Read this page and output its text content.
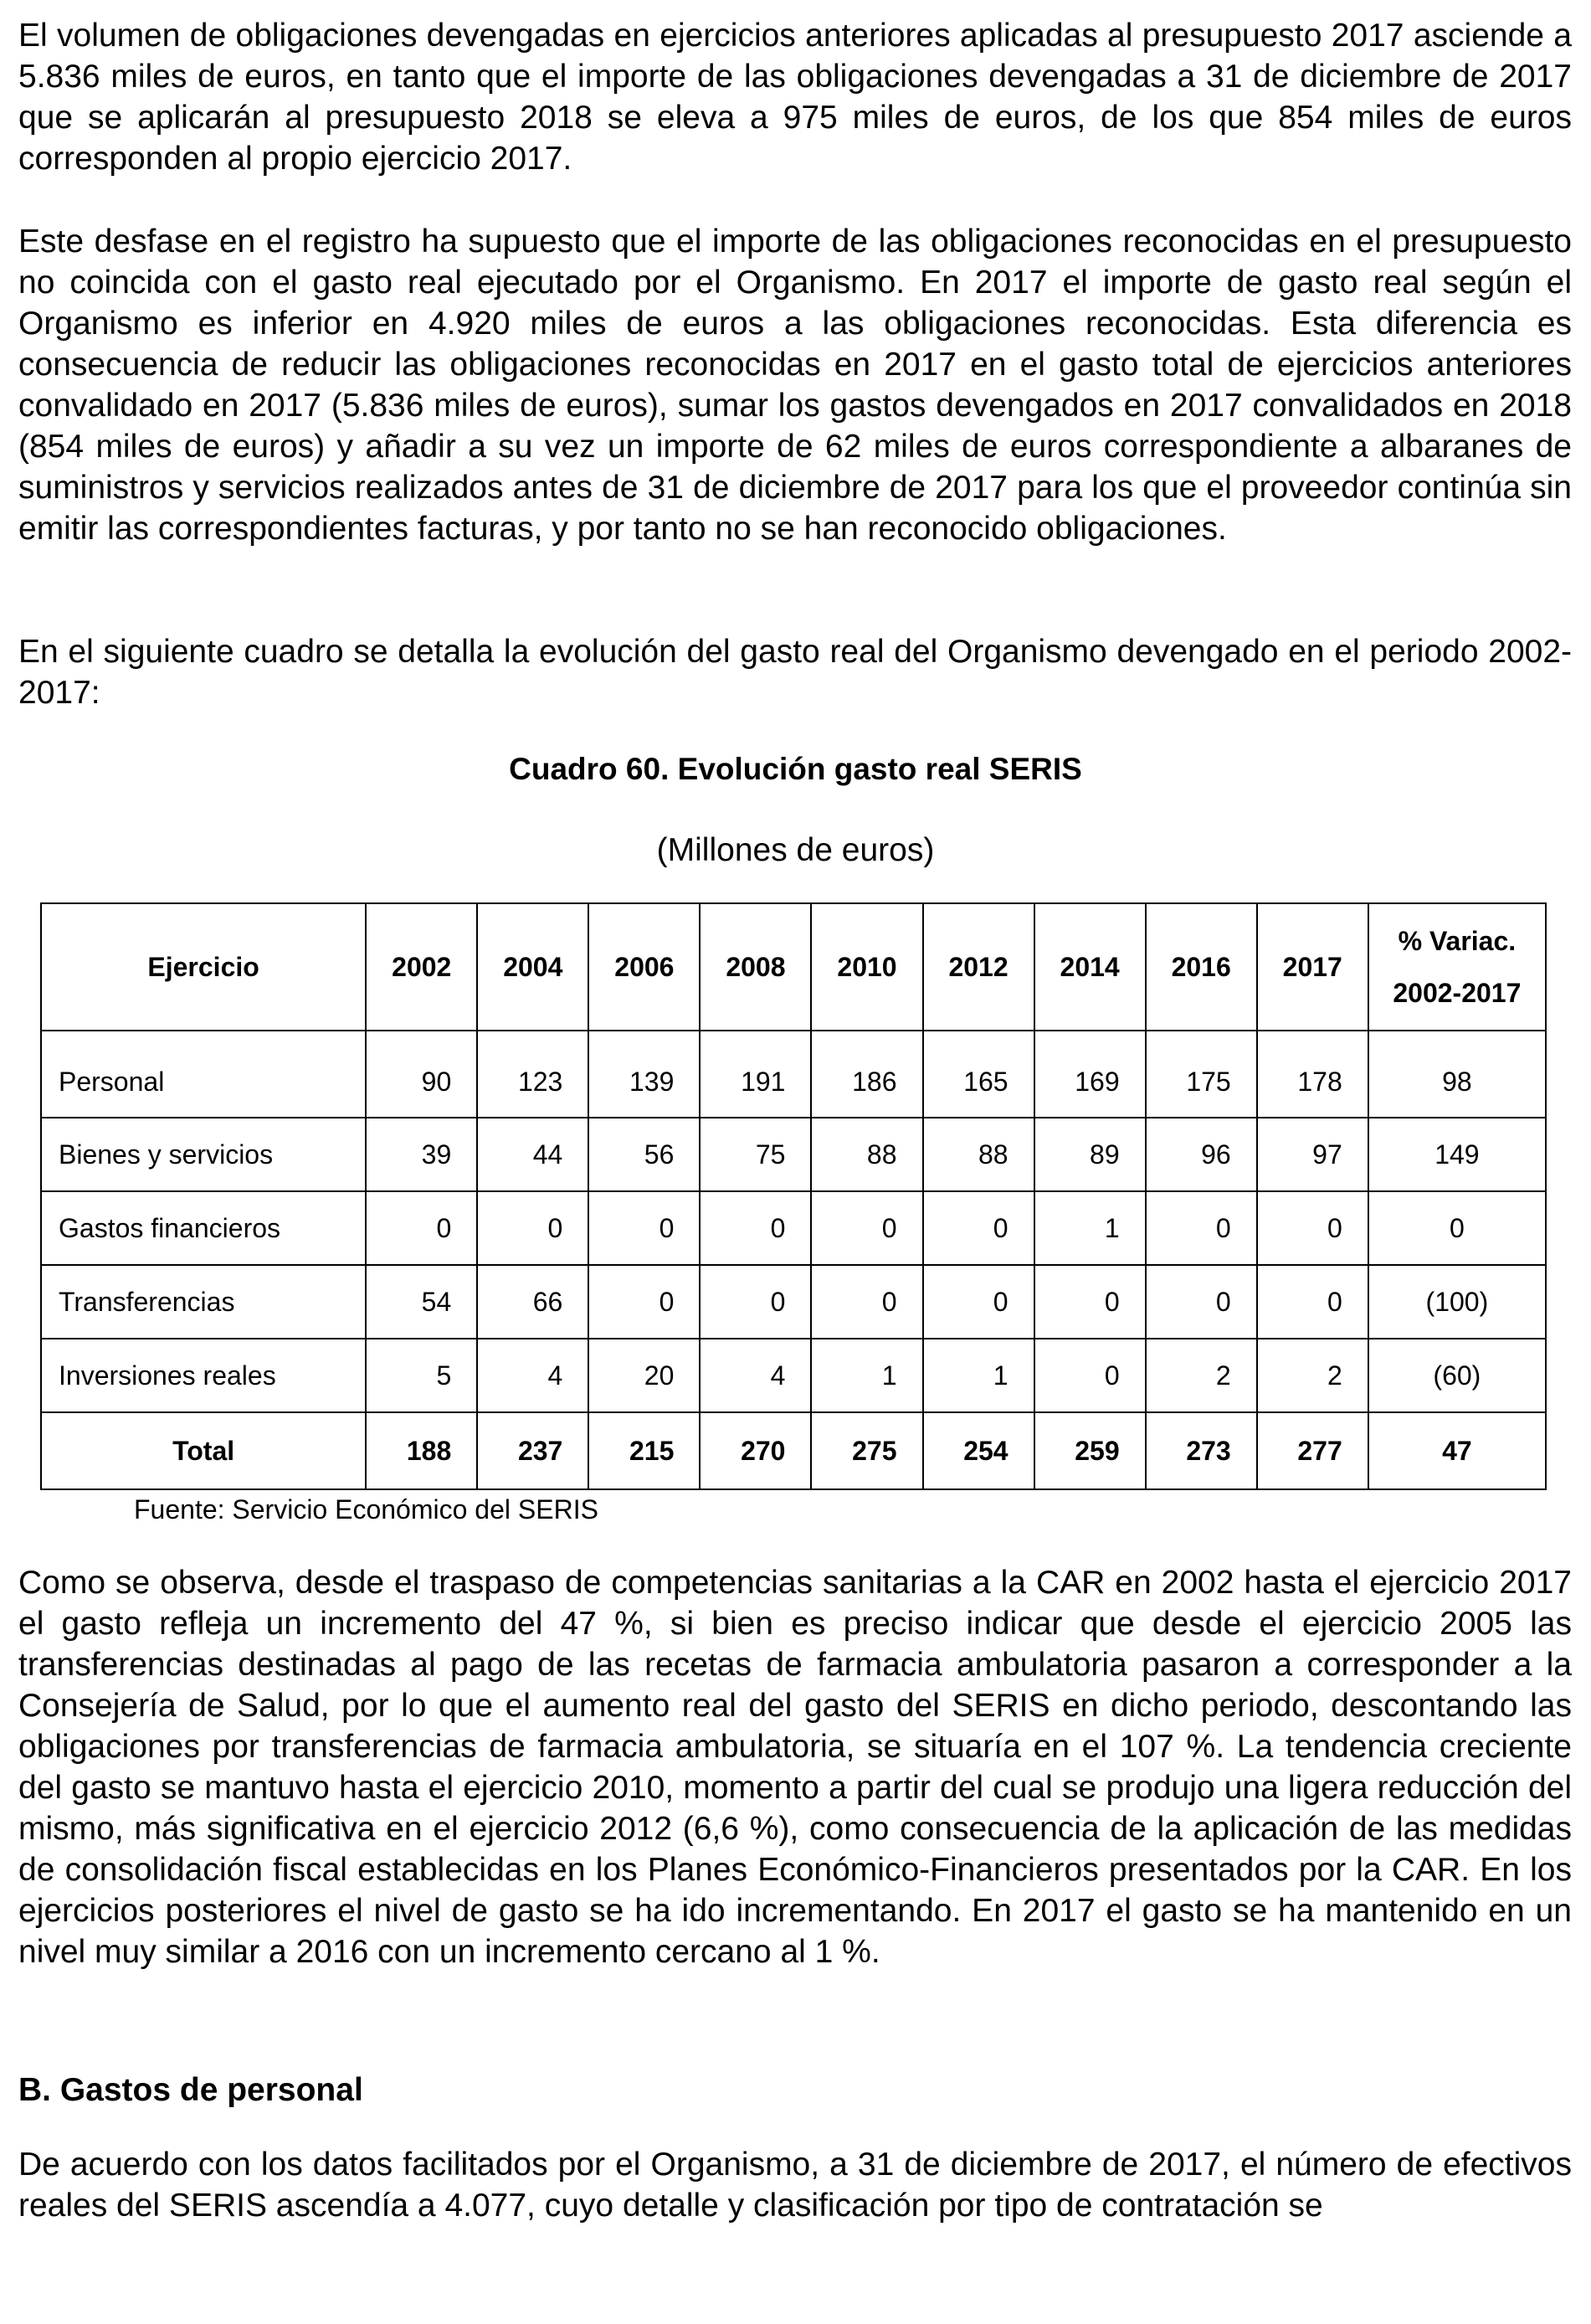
El volumen de obligaciones devengadas en ejercicios anteriores aplicadas al presupuesto 2017 asciende a 5.836 miles de euros, en tanto que el importe de las obligaciones devengadas a 31 de diciembre de 2017 que se aplicarán al presupuesto 2018 se eleva a 975 miles de euros, de los que 854 miles de euros corresponden al propio ejercicio 2017.

Este desfase en el registro ha supuesto que el importe de las obligaciones reconocidas en el presupuesto no coincida con el gasto real ejecutado por el Organismo. En 2017 el importe de gasto real según el Organismo es inferior en 4.920 miles de euros a las obligaciones reconocidas. Esta diferencia es consecuencia de reducir las obligaciones reconocidas en 2017 en el gasto total de ejercicios anteriores convalidado en 2017 (5.836 miles de euros), sumar los gastos devengados en 2017 convalidados en 2018 (854 miles de euros) y añadir a su vez un importe de 62 miles de euros correspondiente a albaranes de suministros y servicios realizados antes de 31 de diciembre de 2017 para los que el proveedor continúa sin emitir las correspondientes facturas, y por tanto no se han reconocido obligaciones.

En el siguiente cuadro se detalla la evolución del gasto real del Organismo devengado en el periodo 2002-2017:

Cuadro 60. Evolución gasto real SERIS

(Millones de euros)

Ejercicio	2002	2004	2006	2008	2010	2012	2014	2016	2017	% Variac.
2002-2017

Personal	90	123	139	191	186	165	169	175	178	98
Bienes y servicios	39	44	56	75	88	88	89	96	97	149
Gastos financieros	0	0	0	0	0	0	1	0	0	0
Transferencias	54	66	0	0	0	0	0	0	0	(100)
Inversiones reales	5	4	20	4	1	1	0	2	2	(60)
Total	188	237	215	270	275	254	259	273	277	47

Fuente: Servicio Económico del SERIS

Como se observa, desde el traspaso de competencias sanitarias a la CAR en 2002 hasta el ejercicio 2017 el gasto refleja un incremento del 47 %, si bien es preciso indicar que desde el ejercicio 2005 las transferencias destinadas al pago de las recetas de farmacia ambulatoria pasaron a corresponder a la Consejería de Salud, por lo que el aumento real del gasto del SERIS en dicho periodo, descontando las obligaciones por transferencias de farmacia ambulatoria, se situaría en el 107 %. La tendencia creciente del gasto se mantuvo hasta el ejercicio 2010, momento a partir del cual se produjo una ligera reducción del mismo, más significativa en el ejercicio 2012 (6,6 %), como consecuencia de la aplicación de las medidas de consolidación fiscal establecidas en los Planes Económico-Financieros presentados por la CAR. En los ejercicios posteriores el nivel de gasto se ha ido incrementando. En 2017 el gasto se ha mantenido en un nivel muy similar a 2016 con un incremento cercano al 1 %.

B. Gastos de personal

De acuerdo con los datos facilitados por el Organismo, a 31 de diciembre de 2017, el número de efectivos reales del SERIS ascendía a 4.077, cuyo detalle y clasificación por tipo de contratación se
